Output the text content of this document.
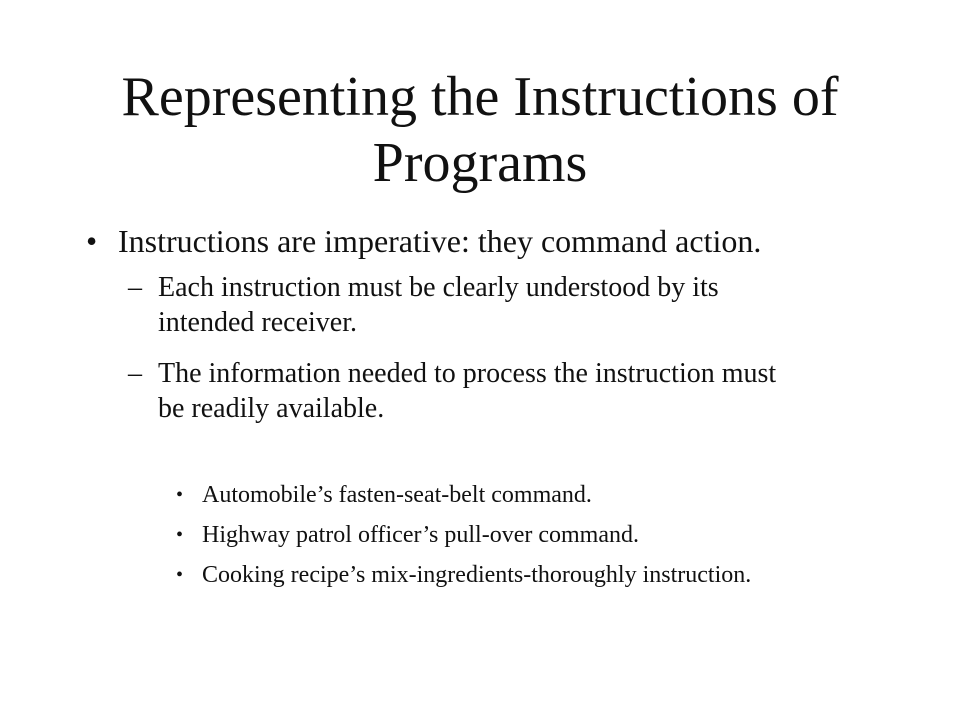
Representing the Instructions of
Programs
• Instructions are imperative: they command action.
– Each instruction must be clearly understood by its
intended receiver.
– The information needed to process the instruction must
be readily available.
• Automobile’s fasten-seat-belt command.
• Highway patrol officer’s pull-over command.
• Cooking recipe’s mix-ingredients-thoroughly instruction.
